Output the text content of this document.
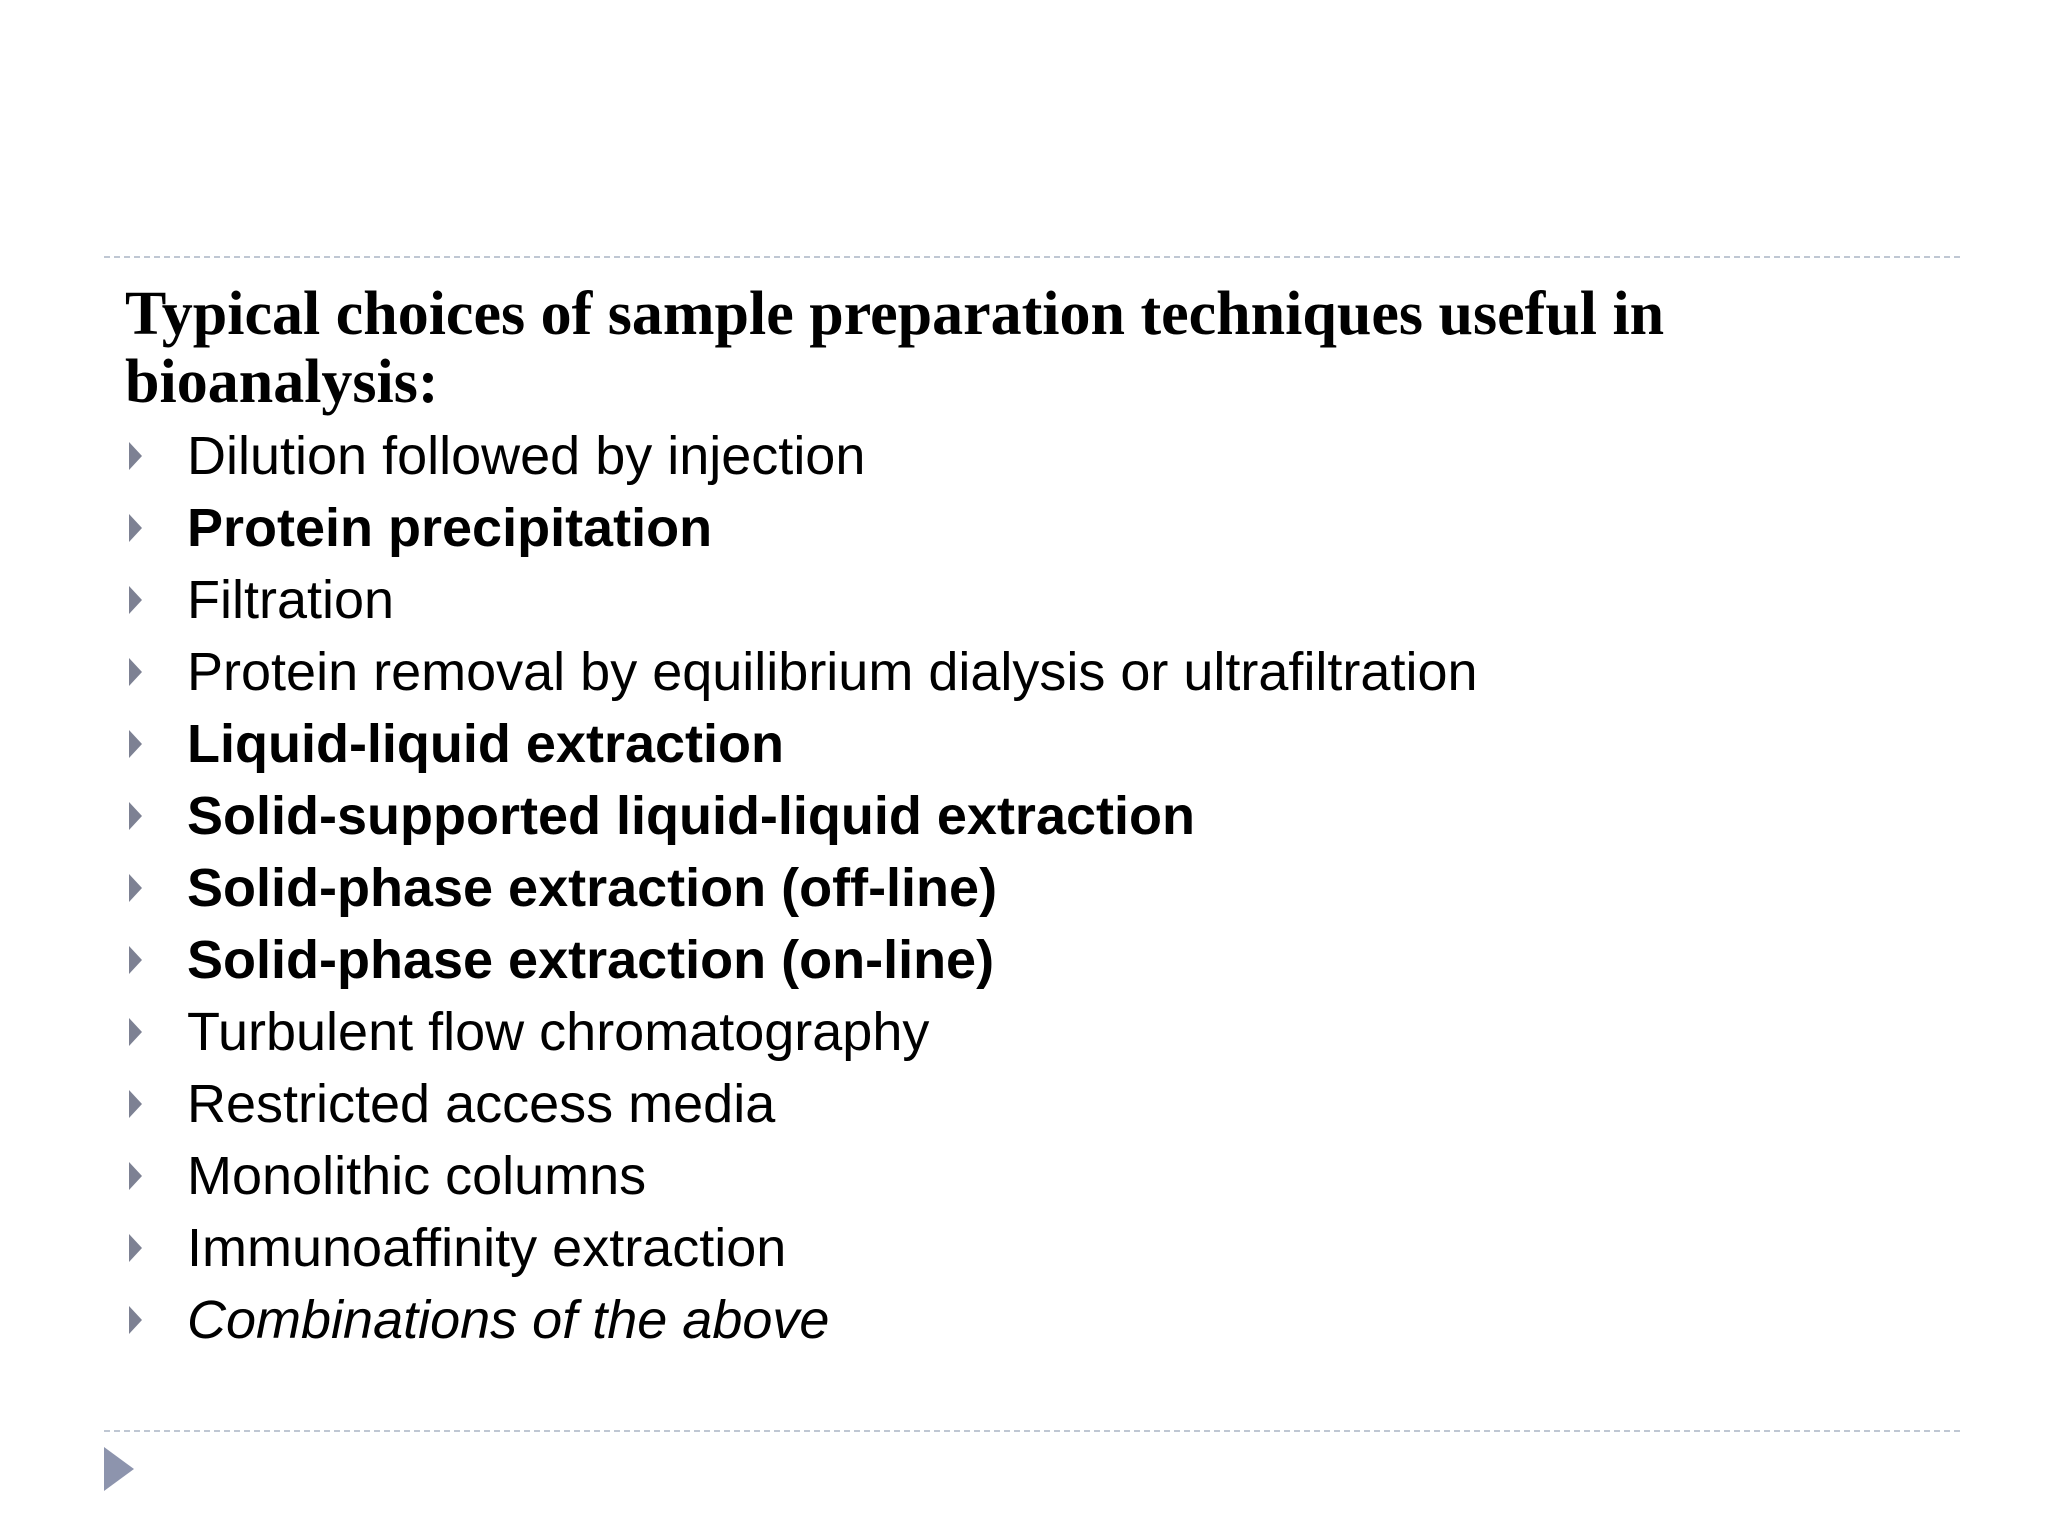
Typical choices of sample preparation techniques useful in bioanalysis:
Dilution followed by injection
Protein precipitation
Filtration
Protein removal by equilibrium dialysis or ultrafiltration
Liquid-liquid extraction
Solid-supported liquid-liquid extraction
Solid-phase extraction (off-line)
Solid-phase extraction (on-line)
Turbulent flow chromatography
Restricted access media
Monolithic columns
Immunoaffinity extraction
Combinations of the above
